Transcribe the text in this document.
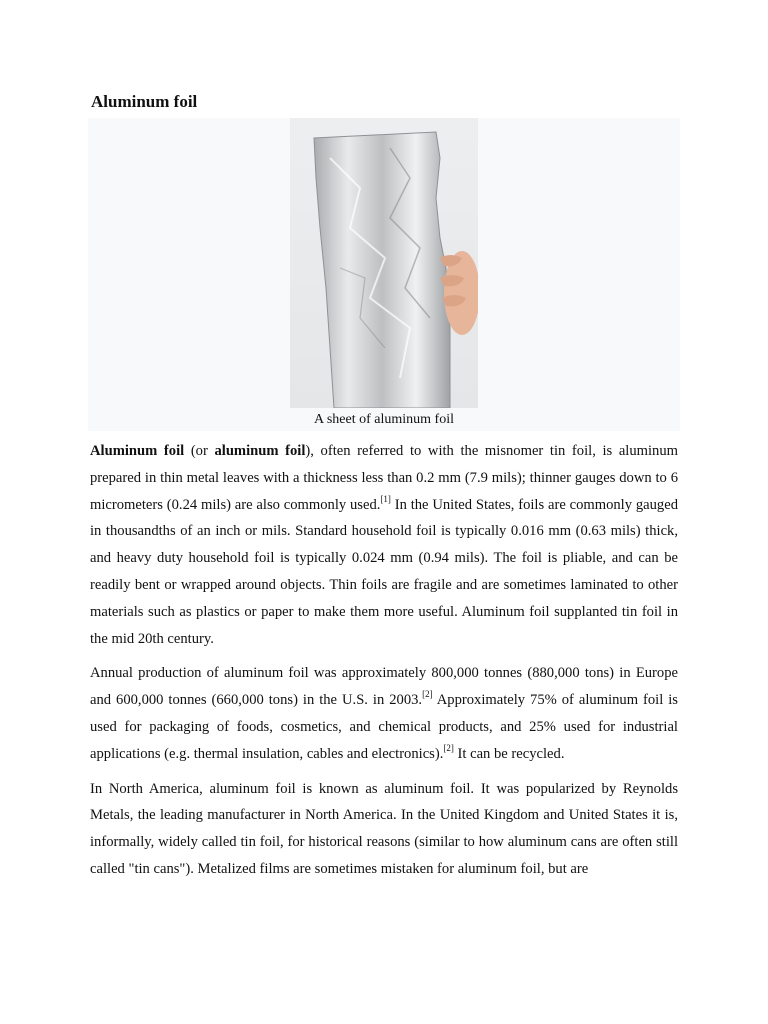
Aluminum foil
A sheet of aluminum foil

Aluminum foil (or aluminum foil), often referred to with the misnomer tin foil, is aluminum prepared in thin metal leaves with a thickness less than 0.2 mm (7.9 mils); thinner gauges down to 6 micrometers (0.24 mils) are also commonly used.[1] In the United States, foils are commonly gauged in thousandths of an inch or mils. Standard household foil is typically 0.016 mm (0.63 mils) thick, and heavy duty household foil is typically 0.024 mm (0.94 mils). The foil is pliable, and can be readily bent or wrapped around objects. Thin foils are fragile and are sometimes laminated to other materials such as plastics or paper to make them more useful. Aluminum foil supplanted tin foil in the mid 20th century.

Annual production of aluminum foil was approximately 800,000 tonnes (880,000 tons) in Europe and 600,000 tonnes (660,000 tons) in the U.S. in 2003.[2] Approximately 75% of aluminum foil is used for packaging of foods, cosmetics, and chemical products, and 25% used for industrial applications (e.g. thermal insulation, cables and electronics).[2] It can be recycled.

In North America, aluminum foil is known as aluminum foil. It was popularized by Reynolds Metals, the leading manufacturer in North America. In the United Kingdom and United States it is, informally, widely called tin foil, for historical reasons (similar to how aluminum cans are often still called "tin cans"). Metalized films are sometimes mistaken for aluminum foil, but are
